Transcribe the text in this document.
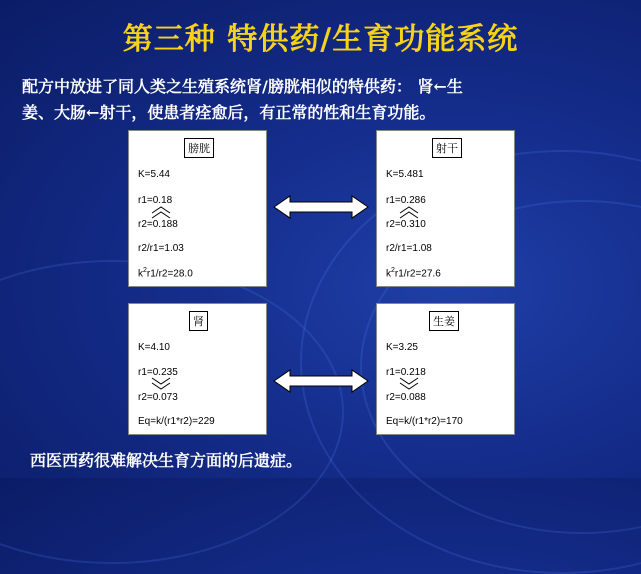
第三种 特供药/生育功能系统
配方中放进了同人类之生殖系统肾/膀胱相似的特供药： 肾←生
姜、大肠←射干，使患者痊愈后，有正常的性和生育功能。
膀胱
K=5.44
r1=0.18
r2=0.188
r2/r1=1.03
$k^2r1/r2=28.0$
射干
K=5.481
r1=0.286
r2=0.310
r2/r1=1.08
$k^2r1/r2=27.6$
肾
K=4.10
r1=0.235
r2=0.073
Eq=k/(r1*r2)=229
生姜
K=3.25
r1=0.218
r2=0.088
Eq=k/(r1*r2)=170
西医西药很难解决生育方面的后遗症。
